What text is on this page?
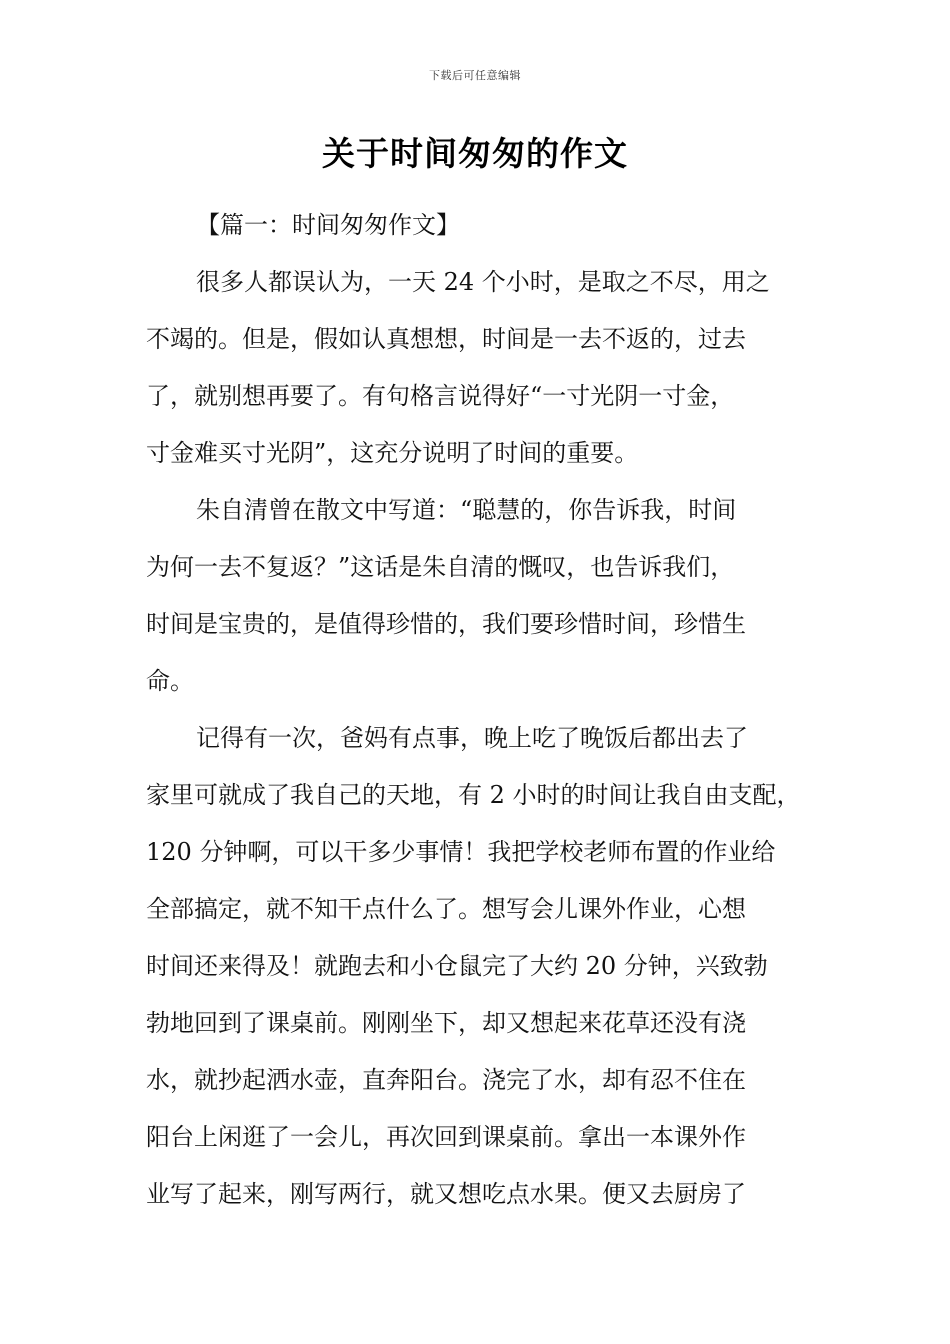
下载后可任意编辑
关于时间匆匆的作文

【篇一：时间匆匆作文】

很多人都误认为，一天 24 个小时，是取之不尽，用之

不竭的。但是，假如认真想想，时间是一去不返的，过去

了，就别想再要了。有句格言说得好“一寸光阴一寸金，

寸金难买寸光阴”，这充分说明了时间的重要。

朱自清曾在散文中写道：“聪慧的，你告诉我，时间

为何一去不复返？”这话是朱自清的慨叹，也告诉我们，

时间是宝贵的，是值得珍惜的，我们要珍惜时间，珍惜生

命。

记得有一次，爸妈有点事，晚上吃了晚饭后都出去了

家里可就成了我自己的天地，有 2 小时的时间让我自由支配，

120 分钟啊，可以干多少事情！我把学校老师布置的作业给

全部搞定，就不知干点什么了。想写会儿课外作业，心想

时间还来得及！就跑去和小仓鼠完了大约 20 分钟，兴致勃

勃地回到了课桌前。刚刚坐下，却又想起来花草还没有浇

水，就抄起洒水壶，直奔阳台。浇完了水，却有忍不住在

阳台上闲逛了一会儿，再次回到课桌前。拿出一本课外作

业写了起来，刚写两行，就又想吃点水果。便又去厨房了
